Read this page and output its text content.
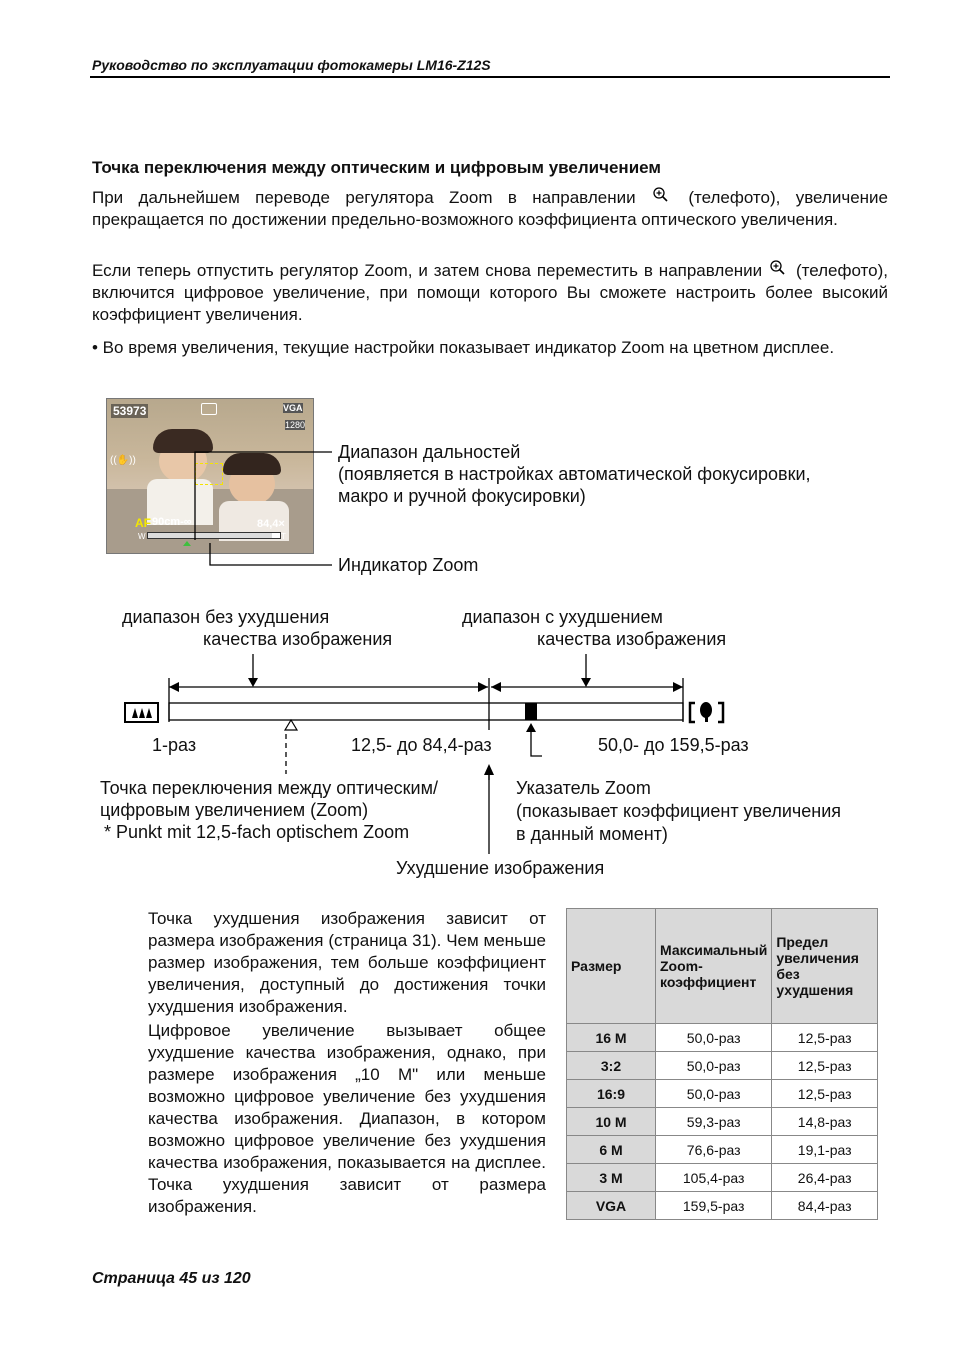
Руководство по эксплуатации фотокамеры LM16-Z12S
Точка переключения между оптическим и цифровым увеличением
При дальнейшем переводе регулятора Zoom в направлении	(телефото), увеличение прекращается по достижении предельно-возможного коэффициента оптического увеличения.
Если теперь отпустить регулятор Zoom, и затем снова переместить в направлении (телефото), включится цифровое увеличение, при помощи которого Вы сможете настроить более высокий коэффициент увеличения.
• Во время увеличения, текущие настройки показывает индикатор Zoom на цветном дисплее.
53973	VGA
1280
((✋))
AF 90cm-∞	84,4×
W	T
Диапазон дальностей
(появляется в настройках автоматической фокусировки,
макро и ручной фокусировки)
Индикатор Zoom
диапазон без ухудшения
качества изображения
диапазон с ухудшением
качества изображения
1-раз	12,5- до 84,4-раз	50,0- до 159,5-раз
Точка переключения между оптическим/
цифровым увеличением (Zoom)
* Punkt mit 12,5-fach optischem Zoom
Указатель Zoom
(показывает коэффициент увеличения
в данный момент)
Ухудшение изображения

Точка ухудшения изображения зависит от размера изображения (страница 31). Чем меньше размер изображения, тем больше коэффициент увеличения, доступный до достижения точки ухудшения изображения.

Цифровое увеличение вызывает общее ухудшение качества изображения, однако, при размере изображения „10 М" или меньше возможно цифровое увеличение без ухудшения качества изображения. Диапазон, в котором возможно цифровое увеличение без ухудшения качества изображения, показывается на дисплее. Точка ухудшения зависит от размера изображения.

Размер	Максимальный Zoom-коэффициент	Предел увеличения без ухудшения
16 M	50,0-раз	12,5-раз
3:2	50,0-раз	12,5-раз
16:9	50,0-раз	12,5-раз
10 M	59,3-раз	14,8-раз
6 M	76,6-раз	19,1-раз
3 M	105,4-раз	26,4-раз
VGA	159,5-раз	84,4-раз
Страница 45 из 120
